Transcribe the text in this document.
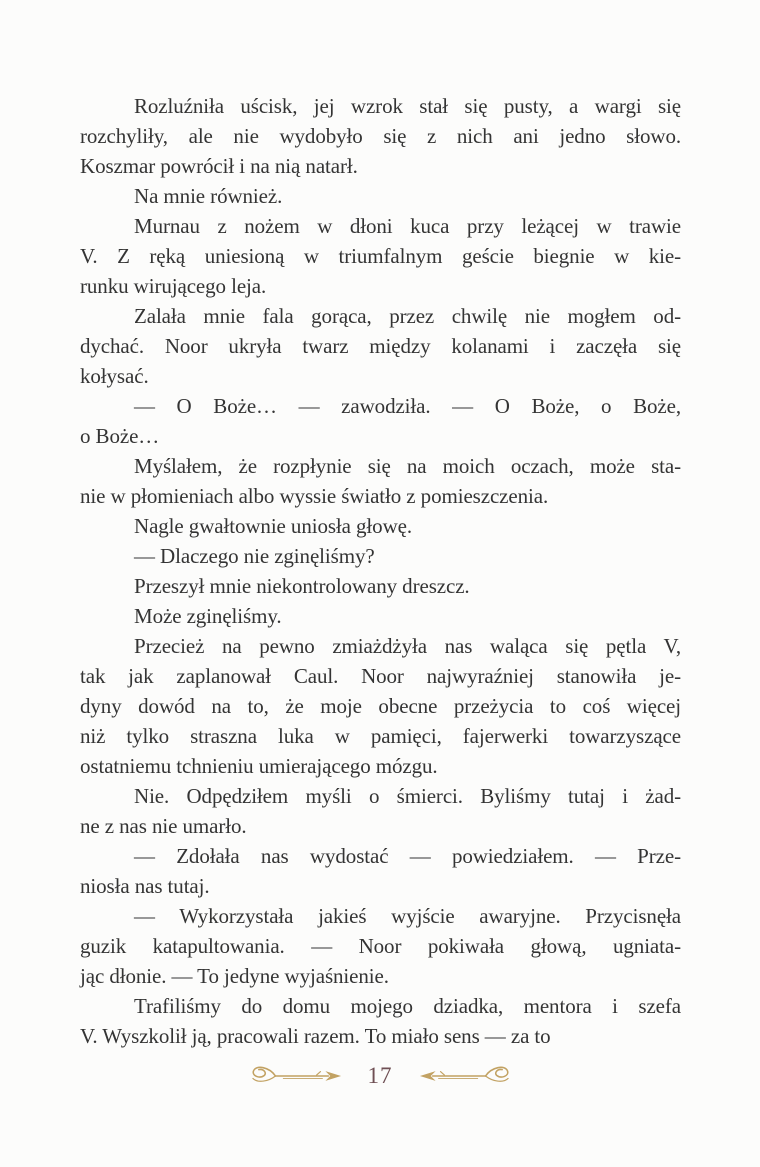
Rozluźniła uścisk, jej wzrok stał się pusty, a wargi się
rozchyliły, ale nie wydobyło się z nich ani jedno słowo.
Koszmar powrócił i na nią natarł.
Na mnie również.
Murnau z nożem w dłoni kuca przy leżącej w trawie
V. Z ręką uniesioną w triumfalnym geście biegnie w kie-
runku wirującego leja.
Zalała mnie fala gorąca, przez chwilę nie mogłem od-
dychać. Noor ukryła twarz między kolanami i zaczęła się
kołysać.
— O Boże… — zawodziła. — O Boże, o Boże,
o Boże…
Myślałem, że rozpłynie się na moich oczach, może sta-
nie w płomieniach albo wyssie światło z pomieszczenia.
Nagle gwałtownie uniosła głowę.
— Dlaczego nie zginęliśmy?
Przeszył mnie niekontrolowany dreszcz.
Może zginęliśmy.
Przecież na pewno zmiażdżyła nas waląca się pętla V,
tak jak zaplanował Caul. Noor najwyraźniej stanowiła je-
dyny dowód na to, że moje obecne przeżycia to coś więcej
niż tylko straszna luka w pamięci, fajerwerki towarzyszące
ostatniemu tchnieniu umierającego mózgu.
Nie. Odpędziłem myśli o śmierci. Byliśmy tutaj i żad-
ne z nas nie umarło.
— Zdołała nas wydostać — powiedziałem. — Prze-
niosła nas tutaj.
— Wykorzystała jakieś wyjście awaryjne. Przycisnęła
guzik katapultowania. — Noor pokiwała głową, ugniata-
jąc dłonie. — To jedyne wyjaśnienie.
Trafiliśmy do domu mojego dziadka, mentora i szefa
V. Wyszkolił ją, pracowali razem. To miało sens — za to
17
